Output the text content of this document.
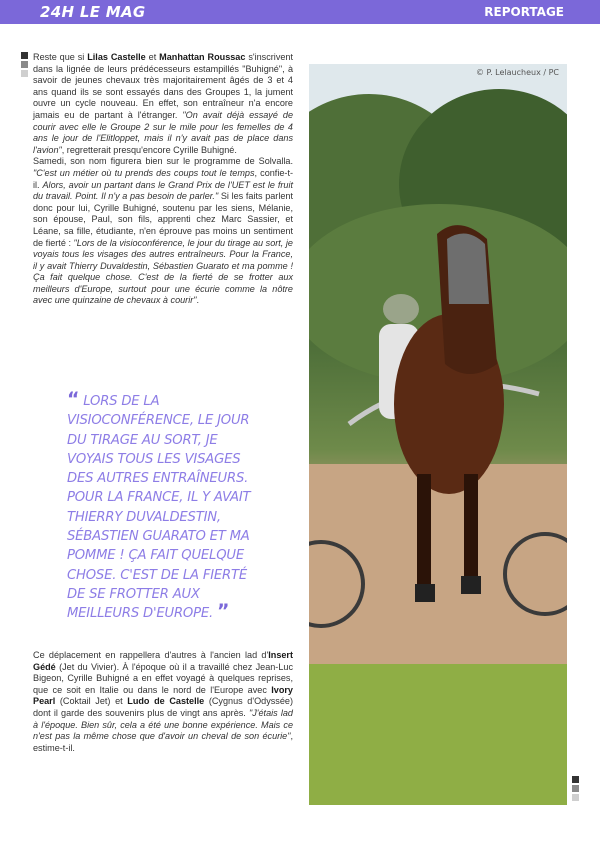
24H LE MAG	REPORTAGE

Reste que si Lilas Castelle et Manhattan Roussac s'inscrivent dans la lignée de leurs prédécesseurs estampillés "Buhigné", à savoir de jeunes chevaux très majoritairement âgés de 3 et 4 ans quand ils se sont essayés dans des Groupes 1, la jument ouvre un cycle nouveau. En effet, son entraîneur n'a encore jamais eu de partant à l'étranger. "On avait déjà essayé de courir avec elle le Groupe 2 sur le mile pour les femelles de 4 ans le jour de l'Elitloppet, mais il n'y avait pas de place dans l'avion", regretterait presqu'encore Cyrille Buhigné.

Samedi, son nom figurera bien sur le programme de Solvalla. "C'est un métier où tu prends des coups tout le temps, confie-t-il. Alors, avoir un partant dans le Grand Prix de l'UET est le fruit du travail. Point. Il n'y a pas besoin de parler." Si les faits parlent donc pour lui, Cyrille Buhigné, soutenu par les siens, Mélanie, son épouse, Paul, son fils, apprenti chez Marc Sassier, et Léane, sa fille, étudiante, n'en éprouve pas moins un sentiment de fierté : "Lors de la visioconférence, le jour du tirage au sort, je voyais tous les visages des autres entraîneurs. Pour la France, il y avait Thierry Duvaldestin, Sébastien Guarato et ma pomme ! Ça fait quelque chose. C'est de la fierté de se frotter aux meilleurs d'Europe, surtout pour une écurie comme la nôtre avec une quinzaine de chevaux à courir".

“ LORS DE LA VISIOCONFÉRENCE, LE JOUR DU TIRAGE AU SORT, JE VOYAIS TOUS LES VISAGES DES AUTRES ENTRAÎNEURS. POUR LA FRANCE, IL Y AVAIT THIERRY DUVALDESTIN, SÉBASTIEN GUARATO ET MA POMME ! ÇA FAIT QUELQUE CHOSE. C'EST DE LA FIERTÉ DE SE FROTTER AUX MEILLEURS D'EUROPE. ”

Ce déplacement en rappellera d'autres à l'ancien lad d'Insert Gédé (Jet du Vivier). À l'époque où il a travaillé chez Jean-Luc Bigeon, Cyrille Buhigné a en effet voyagé à quelques reprises, que ce soit en Italie ou dans le nord de l'Europe avec Ivory Pearl (Coktail Jet) et Ludo de Castelle (Cygnus d'Odyssée) dont il garde des souvenirs plus de vingt ans après. "J'étais lad à l'époque. Bien sûr, cela a été une bonne expérience. Mais ce n'est pas la même chose que d'avoir un cheval de son écurie", estime-t-il.

© P. Lelaucheux / PC
